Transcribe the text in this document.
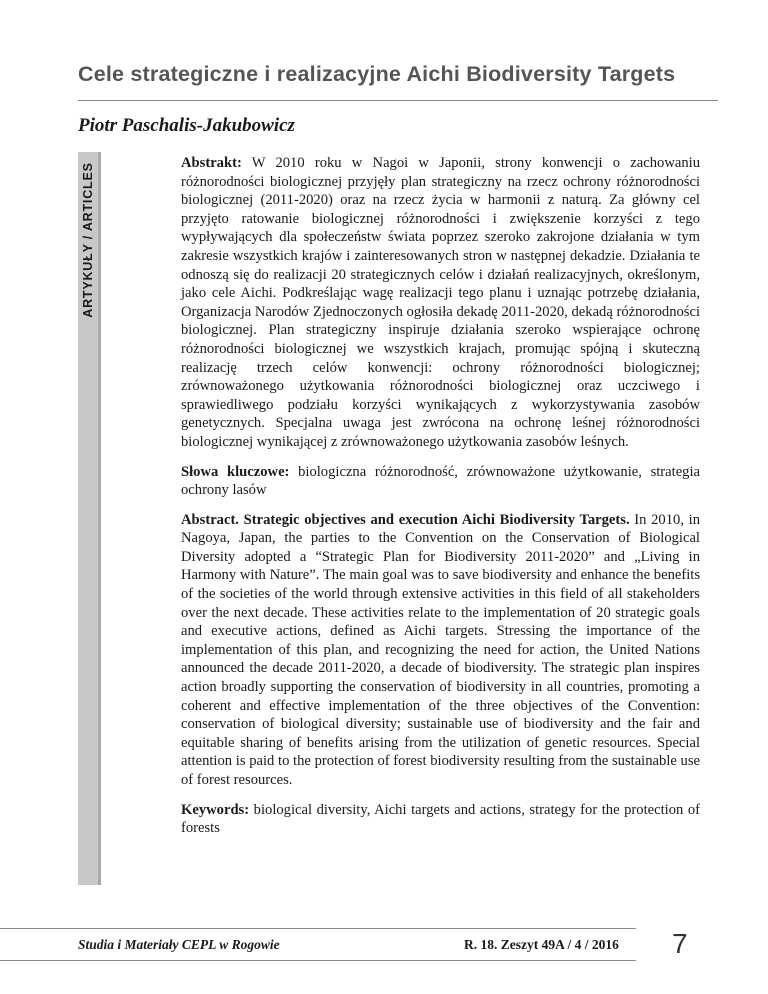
Cele strategiczne i realizacyjne Aichi Biodiversity Targets
Piotr Paschalis-Jakubowicz
ARTYKUŁY / ARTICLES	Abstrakt: W 2010 roku w Nagoi w Japonii, strony konwencji o zachowaniu różnorodności biologicznej przyjęły plan strategiczny na rzecz ochrony różnorodności biologicznej (2011-2020) oraz na rzecz życia w harmonii z naturą. Za główny cel przyjęto ratowanie biologicznej różnorodności i zwiększenie korzyści z tego wypływających dla społeczeństw świata poprzez szeroko zakrojone działania w tym zakresie wszystkich krajów i zainteresowanych stron w następnej dekadzie. Działania te odnoszą się do realizacji 20 strategicznych celów i działań realizacyjnych, określonym, jako cele Aichi. Podkreślając wagę realizacji tego planu i uznając potrzebę działania, Organizacja Narodów Zjednoczonych ogłosiła dekadę 2011-2020, dekadą różnorodności biologicznej. Plan strategiczny inspiruje działania szeroko wspierające ochronę różnorodności biologicznej we wszystkich krajach, promując spójną i skuteczną realizację trzech celów konwencji: ochrony różnorodności biologicznej; zrównoważonego użytkowania różnorodności biologicznej oraz uczciwego i sprawiedliwego podziału korzyści wynikających z wykorzystywania zasobów genetycznych. Specjalna uwaga jest zwrócona na ochronę leśnej różnorodności biologicznej wynikającej z zrównoważonego użytkowania zasobów leśnych.

Słowa kluczowe: biologiczna różnorodność, zrównoważone użytkowanie, strategia ochrony lasów

Abstract. Strategic objectives and execution Aichi Biodiversity Targets. In 2010, in Nagoya, Japan, the parties to the Convention on the Conservation of Biological Diversity adopted a “Strategic Plan for Biodiversity 2011-2020” and „Living in Harmony with Nature”. The main goal was to save biodiversity and enhance the benefits of the societies of the world through extensive activities in this field of all stakeholders over the next decade. These activities relate to the implementation of 20 strategic goals and executive actions, defined as Aichi targets. Stressing the importance of the implementation of this plan, and recognizing the need for action, the United Nations announced the decade 2011-2020, a decade of biodiversity. The strategic plan inspires action broadly supporting the conservation of biodiversity in all countries, promoting a coherent and effective implementation of the three objectives of the Convention: conservation of biological diversity; sustainable use of biodiversity and the fair and equitable sharing of benefits arising from the utilization of genetic resources. Special attention is paid to the protection of forest biodiversity resulting from the sustainable use of forest resources.

Keywords: biological diversity, Aichi targets and actions, strategy for the protection of forests

Studia i Materiały CEPL w Rogowie	R. 18. Zeszyt 49A / 4 / 2016 7
